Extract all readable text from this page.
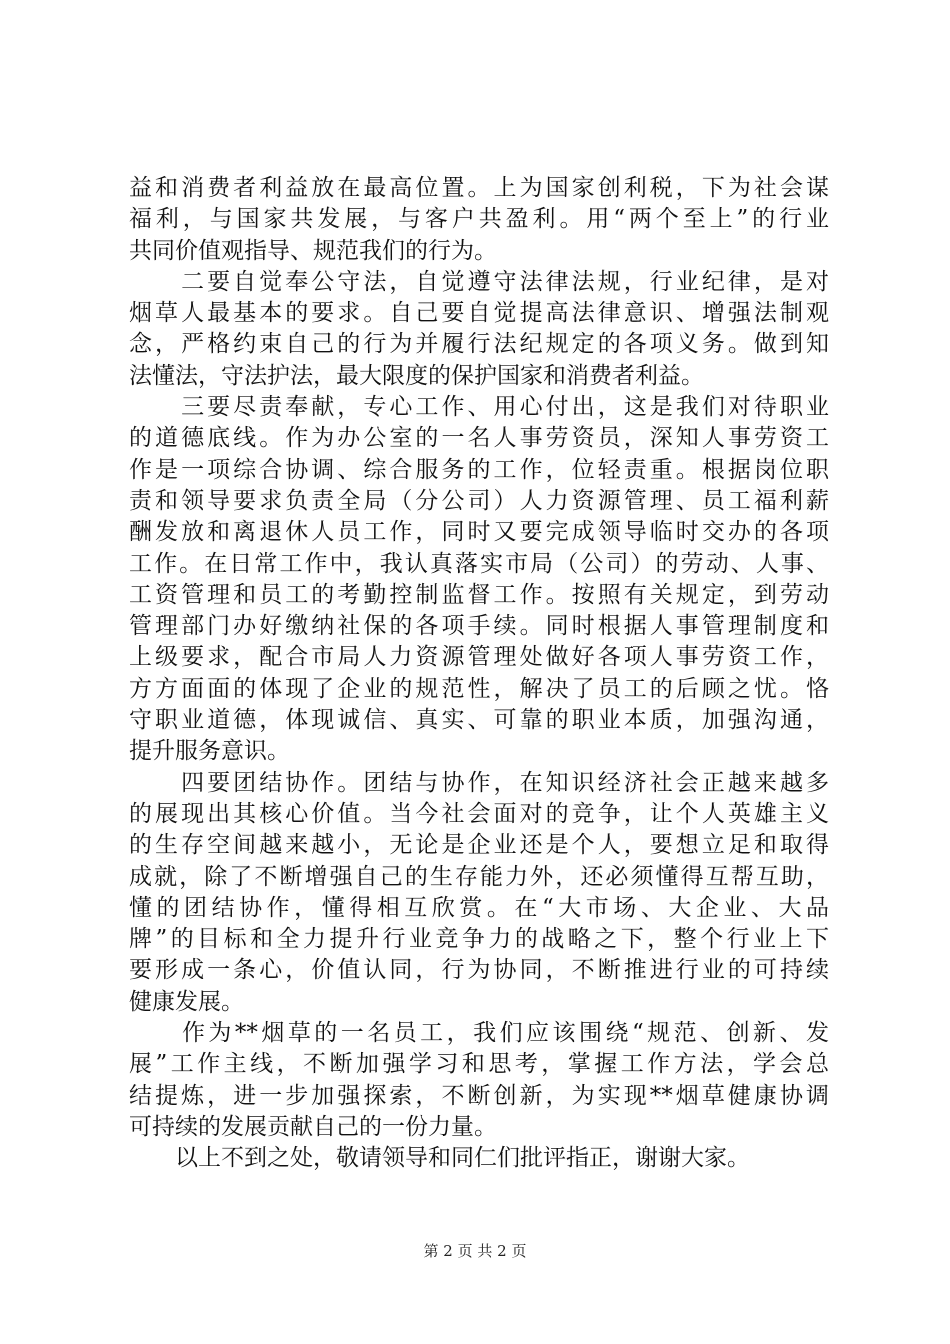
益和消费者利益放在最高位置。上为国家创利税，下为社会谋
福利，与国家共发展，与客户共盈利。用“两个至上”的行业
共同价值观指导、规范我们的行为。
　　二要自觉奉公守法，自觉遵守法律法规，行业纪律，是对
烟草人最基本的要求。自己要自觉提高法律意识、增强法制观
念，严格约束自己的行为并履行法纪规定的各项义务。做到知
法懂法，守法护法，最大限度的保护国家和消费者利益。
　　三要尽责奉献，专心工作、用心付出，这是我们对待职业
的道德底线。作为办公室的一名人事劳资员，深知人事劳资工
作是一项综合协调、综合服务的工作，位轻责重。根据岗位职
责和领导要求负责全局（分公司）人力资源管理、员工福利薪
酬发放和离退休人员工作，同时又要完成领导临时交办的各项
工作。在日常工作中，我认真落实市局（公司）的劳动、人事、
工资管理和员工的考勤控制监督工作。按照有关规定，到劳动
管理部门办好缴纳社保的各项手续。同时根据人事管理制度和
上级要求，配合市局人力资源管理处做好各项人事劳资工作，
方方面面的体现了企业的规范性，解决了员工的后顾之忧。恪
守职业道德，体现诚信、真实、可靠的职业本质，加强沟通，
提升服务意识。
　　四要团结协作。团结与协作，在知识经济社会正越来越多
的展现出其核心价值。当今社会面对的竞争，让个人英雄主义
的生存空间越来越小，无论是企业还是个人，要想立足和取得
成就，除了不断增强自己的生存能力外，还必须懂得互帮互助，
懂的团结协作，懂得相互欣赏。在“大市场、大企业、大品
牌”的目标和全力提升行业竞争力的战略之下，整个行业上下
要形成一条心，价值认同，行为协同，不断推进行业的可持续
健康发展。
　　作为**烟草的一名员工，我们应该围绕“规范、创新、发
展”工作主线，不断加强学习和思考，掌握工作方法，学会总
结提炼，进一步加强探索，不断创新，为实现**烟草健康协调
可持续的发展贡献自己的一份力量。
　　以上不到之处，敬请领导和同仁们批评指正，谢谢大家。
第 2 页 共 2 页
